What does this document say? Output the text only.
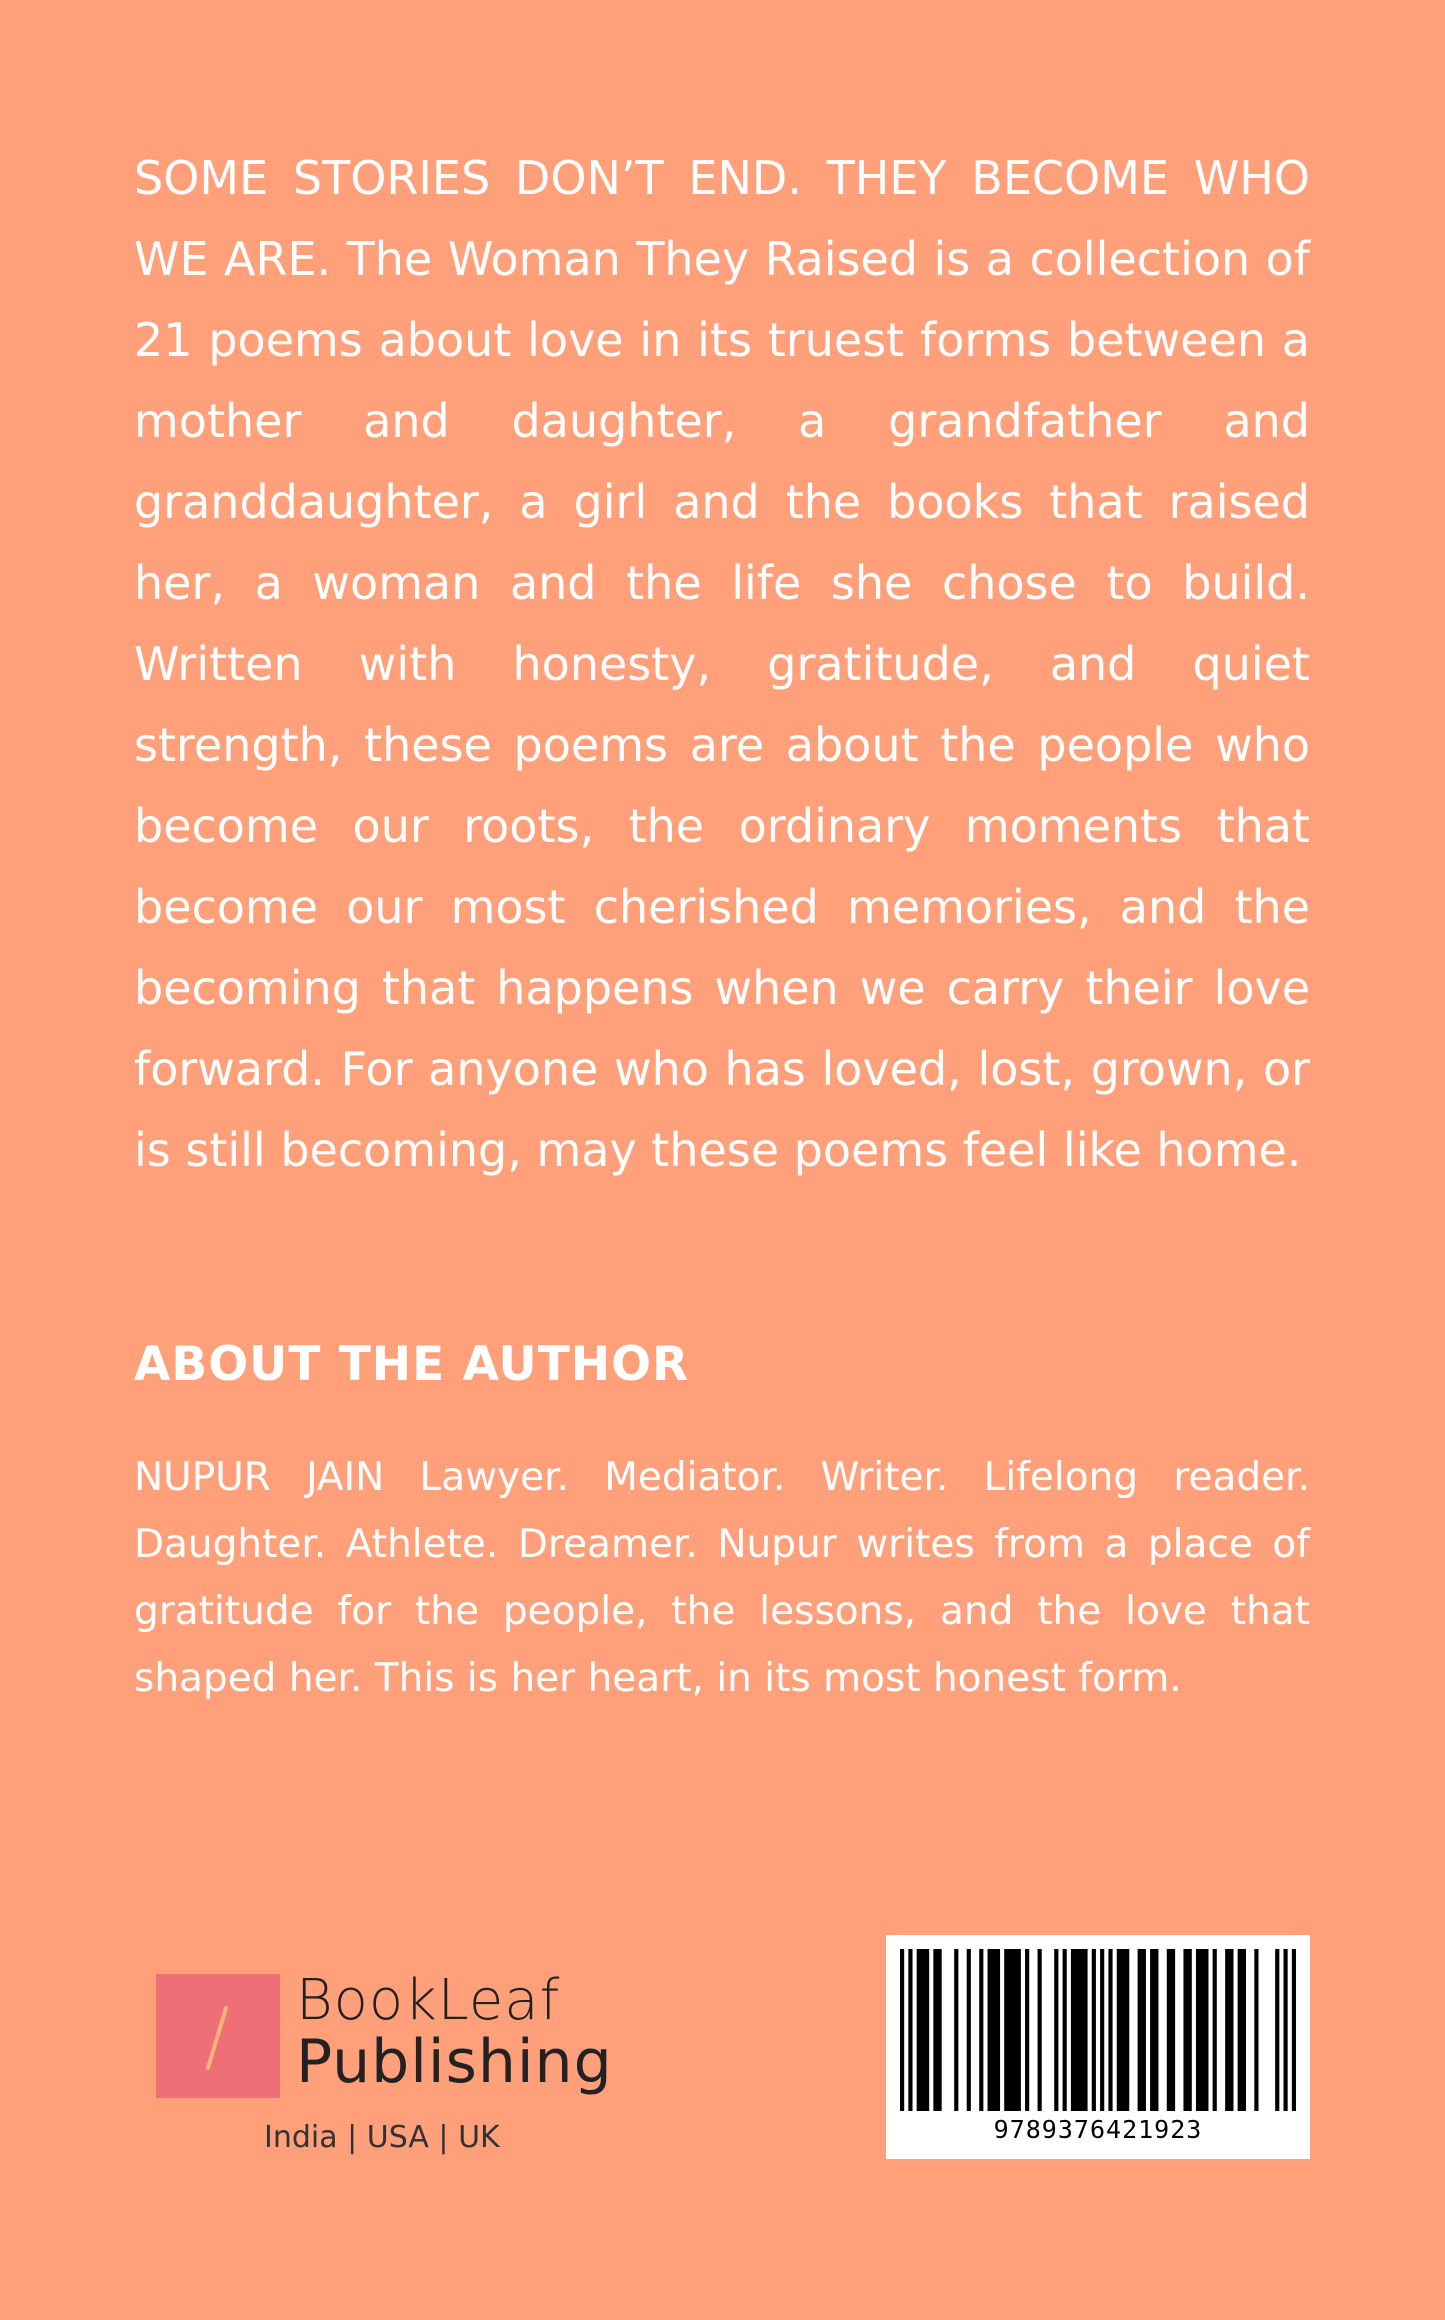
SOME STORIES DON’T END. THEY BECOME WHO WE ARE. The Woman They Raised is a collection of 21 poems about love in its truest forms between a mother and daughter, a grandfather and granddaughter, a girl and the books that raised her, a woman and the life she chose to build. Written with honesty, gratitude, and quiet strength, these poems are about the people who become our roots, the ordinary moments that become our most cherished memories, and the becoming that happens when we carry their love forward. For anyone who has loved, lost, grown, or is still becoming, may these poems feel like home.

ABOUT THE AUTHOR

NUPUR JAIN Lawyer. Mediator. Writer. Lifelong reader. Daughter. Athlete. Dreamer. Nupur writes from a place of gratitude for the people, the lessons, and the love that shaped her. This is her heart, in its most honest form.

BookLeaf
Publishing
India | USA | UK	9789376421923
